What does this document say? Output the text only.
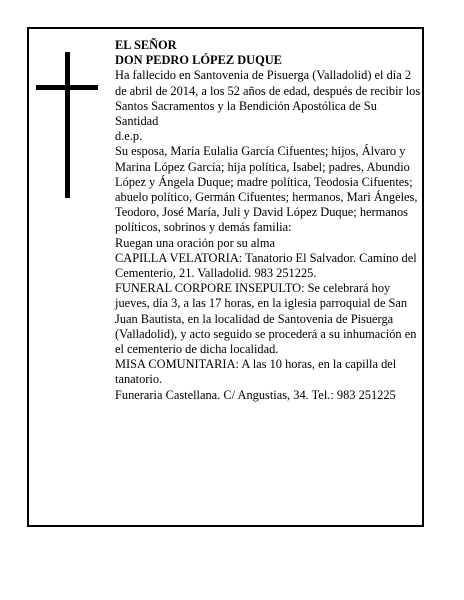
EL SEÑOR

DON PEDRO LÓPEZ DUQUE

Ha fallecido en Santovenia de Pisuerga (Valladolid) el día 2 de abril de 2014, a los 52 años de edad, después de recibir los Santos Sacramentos y la Bendición Apostólica de Su Santidad

d.e.p.

Su esposa, María Eulalia García Cifuentes; hijos, Álvaro y Marina López García; hija política, Isabel; padres, Abundio López y Ángela Duque; madre política, Teodosia Cifuentes; abuelo político, Germán Cifuentes; hermanos, Mari Ángeles, Teodoro, José María, Juli y David López Duque; hermanos políticos, sobrinos y demás familia:

Ruegan una oración por su alma

CAPILLA VELATORIA: Tanatorio El Salvador. Camino del Cementerio, 21. Valladolid. 983 251225.

FUNERAL CORPORE INSEPULTO: Se celebrará hoy jueves, día 3, a las 17 horas, en la iglesia parroquial de San Juan Bautista, en la localidad de Santovenia de Pisuerga (Valladolid), y acto seguido se procederá a su inhumación en el cementerio de dicha localidad.

MISA COMUNITARIA: A las 10 horas, en la capilla del tanatorio.

Funeraria Castellana. C/ Angustias, 34. Tel.: 983 251225
